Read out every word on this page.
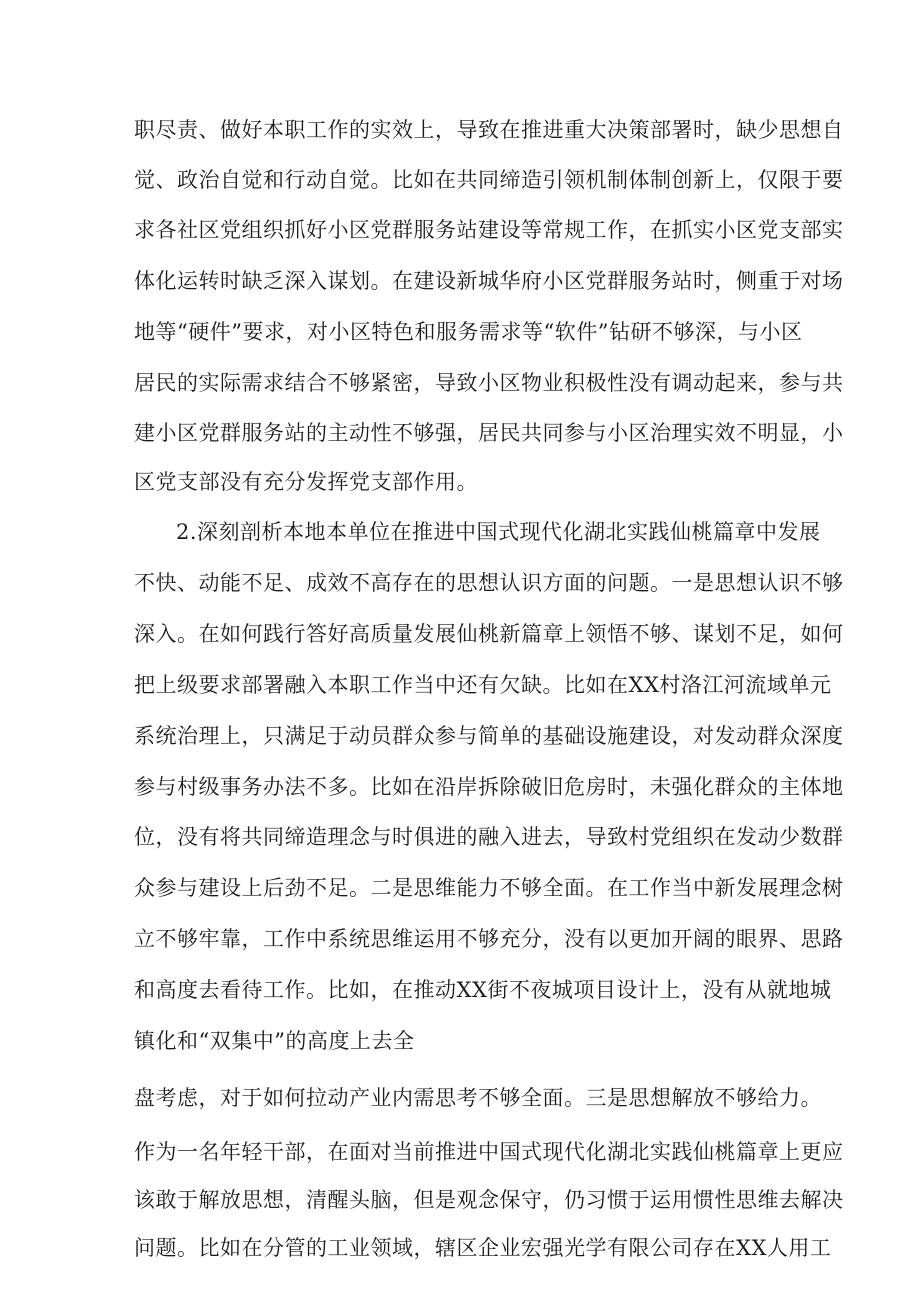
职尽责、做好本职工作的实效上，导致在推进重大决策部署时，缺少思想自

觉、政治自觉和行动自觉。比如在共同缔造引领机制体制创新上，仅限于要

求各社区党组织抓好小区党群服务站建设等常规工作，在抓实小区党支部实

体化运转时缺乏深入谋划。在建设新城华府小区党群服务站时，侧重于对场

地等“硬件”要求，对小区特色和服务需求等“软件”钻研不够深，与小区

居民的实际需求结合不够紧密，导致小区物业积极性没有调动起来，参与共

建小区党群服务站的主动性不够强，居民共同参与小区治理实效不明显，小

区党支部没有充分发挥党支部作用。

2.深刻剖析本地本单位在推进中国式现代化湖北实践仙桃篇章中发展

不快、动能不足、成效不高存在的思想认识方面的问题。一是思想认识不够

深入。在如何践行答好高质量发展仙桃新篇章上领悟不够、谋划不足，如何

把上级要求部署融入本职工作当中还有欠缺。比如在XX村洛江河流域单元

系统治理上，只满足于动员群众参与简单的基础设施建设，对发动群众深度

参与村级事务办法不多。比如在沿岸拆除破旧危房时，未强化群众的主体地

位，没有将共同缔造理念与时俱进的融入进去，导致村党组织在发动少数群

众参与建设上后劲不足。二是思维能力不够全面。在工作当中新发展理念树

立不够牢靠，工作中系统思维运用不够充分，没有以更加开阔的眼界、思路

和高度去看待工作。比如，在推动XX街不夜城项目设计上，没有从就地城

镇化和“双集中”的高度上去全

盘考虑，对于如何拉动产业内需思考不够全面。三是思想解放不够给力。

作为一名年轻干部，在面对当前推进中国式现代化湖北实践仙桃篇章上更应

该敢于解放思想，清醒头脑，但是观念保守，仍习惯于运用惯性思维去解决

问题。比如在分管的工业领域，辖区企业宏强光学有限公司存在XX人用工
